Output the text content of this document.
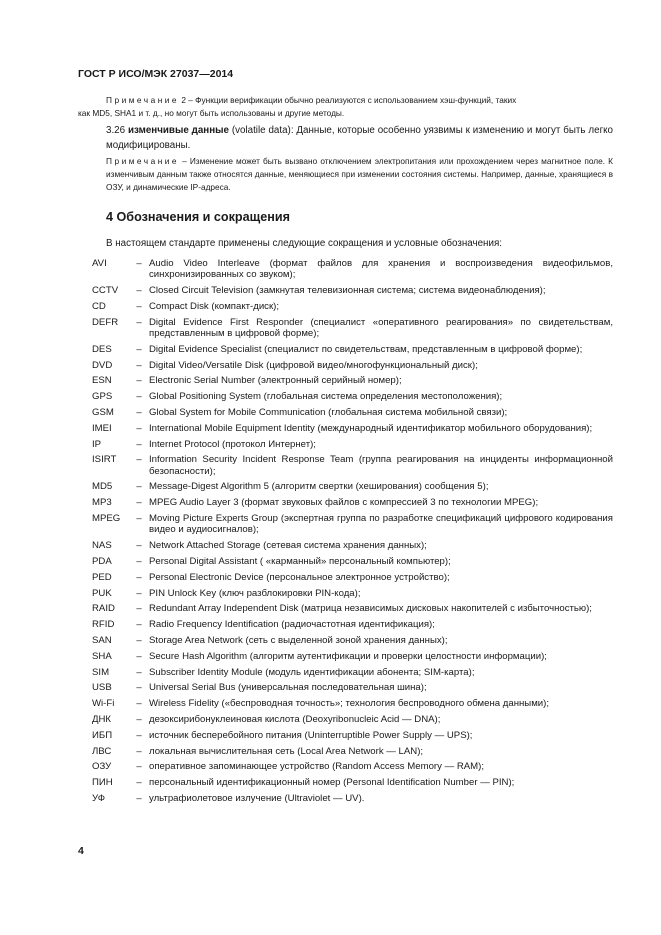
ГОСТ Р ИСО/МЭК 27037—2014
Примечание 2 – Функции верификации обычно реализуются с использованием хэш-функций, таких
как MD5, SHA1 и т. д., но могут быть использованы и другие методы.
3.26 изменчивые данные (volatile data): Данные, которые особенно уязвимы к изменению и могут быть легко модифицированы.
Примечание – Изменение может быть вызвано отключением электропитания или прохождением через магнитное поле. К изменчивым данным также относятся данные, меняющиеся при изменении состояния системы. Например, данные, хранящиеся в ОЗУ, и динамические IP-адреса.
4 Обозначения и сокращения
В настоящем стандарте применены следующие сокращения и условные обозначения:
AVI	– Audio Video Interleave (формат файлов для хранения и воспроизведения видеофильмов, синхронизированных со звуком);
CCTV	– Closed Circuit Television (замкнутая телевизионная система; система видеонаблюдения);
CD	– Compact Disk (компакт-диск);
DEFR	– Digital Evidence First Responder (специалист «оперативного реагирования» по свидетельствам, представленным в цифровой форме);
DES	– Digital Evidence Specialist (специалист по свидетельствам, представленным в цифровой форме);
DVD	– Digital Video/Versatile Disk (цифровой видео/многофункциональный диск);
ESN	– Electronic Serial Number (электронный серийный номер);
GPS	– Global Positioning System (глобальная система определения местоположения);
GSM	– Global System for Mobile Communication (глобальная система мобильной связи);
IMEI	– International Mobile Equipment Identity (международный идентификатор мобильного оборудования);
IP	– Internet Protocol (протокол Интернет);
ISIRT	– Information Security Incident Response Team (группа реагирования на инциденты информационной безопасности);
MD5	– Message-Digest Algorithm 5 (алгоритм свертки (хеширования) сообщения 5);
MP3	– MPEG Audio Layer 3 (формат звуковых файлов с компрессией 3 по технологии MPEG);
MPEG	– Moving Picture Experts Group (экспертная группа по разработке спецификаций цифрового кодирования видео и аудиосигналов);
NAS	– Network Attached Storage (сетевая система хранения данных);
PDA	– Personal Digital Assistant ( «карманный» персональный компьютер);
PED	– Personal Electronic Device (персональное электронное устройство);
PUK	– PIN Unlock Key (ключ разблокировки PIN-кода);
RAID	– Redundant Array Independent Disk (матрица независимых дисковых накопителей с избыточностью);
RFID	– Radio Frequency Identification (радиочастотная идентификация);
SAN	– Storage Area Network (сеть с выделенной зоной хранения данных);
SHA	– Secure Hash Algorithm (алгоритм аутентификации и проверки целостности информации);
SIM	– Subscriber Identity Module (модуль идентификации абонента; SIM-карта);
USB	– Universal Serial Bus (универсальная последовательная шина);
Wi-Fi	– Wireless Fidelity («беспроводная точность»; технология беспроводного обмена данными);
ДНК	– дезоксирибонуклеиновая кислота (Deoxyribonucleic Acid — DNA);
ИБП	– источник бесперебойного питания (Uninterruptible Power Supply — UPS);
ЛВС	– локальная вычислительная сеть (Local Area Network — LAN);
ОЗУ	– оперативное запоминающее устройство (Random Access Memory — RAM);
ПИН	– персональный идентификационный номер (Personal Identification Number — PIN);
УФ	– ультрафиолетовое излучение (Ultraviolet — UV).
4
